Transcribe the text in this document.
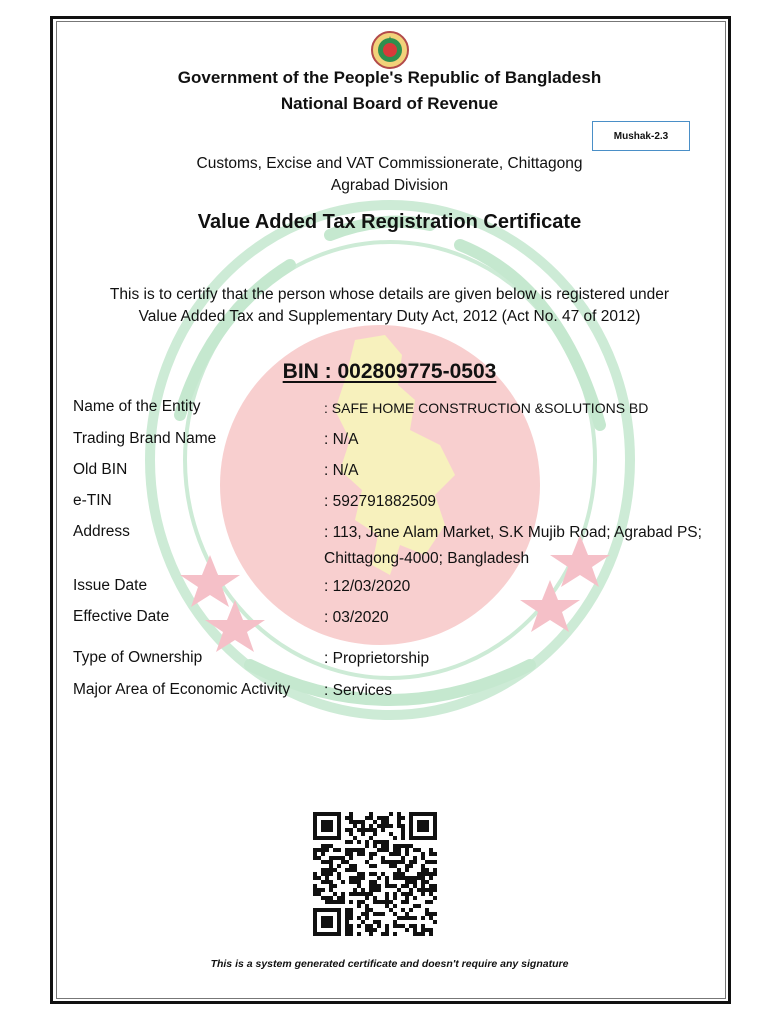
Government of the People's Republic of Bangladesh
National Board of Revenue
Mushak-2.3
Customs, Excise and VAT Commissionerate, Chittagong
Agrabad Division
Value Added Tax Registration Certificate
This is to certify that the person whose details are given below is registered under
Value Added Tax and Supplementary Duty Act, 2012 (Act No. 47 of 2012)
BIN : 002809775-0503
Name of the Entity	: SAFE HOME CONSTRUCTION &SOLUTIONS BD
Trading Brand Name	: N/A
Old BIN	: N/A
e-TIN	: 592791882509
Address	: 113, Jane Alam Market, S.K Mujib Road; Agrabad PS; Chittagong-4000; Bangladesh
Issue Date	: 12/03/2020
Effective Date	: 03/2020
Type of Ownership	: Proprietorship
Major Area of Economic Activity : Services
This is a system generated certificate and doesn't require any signature
